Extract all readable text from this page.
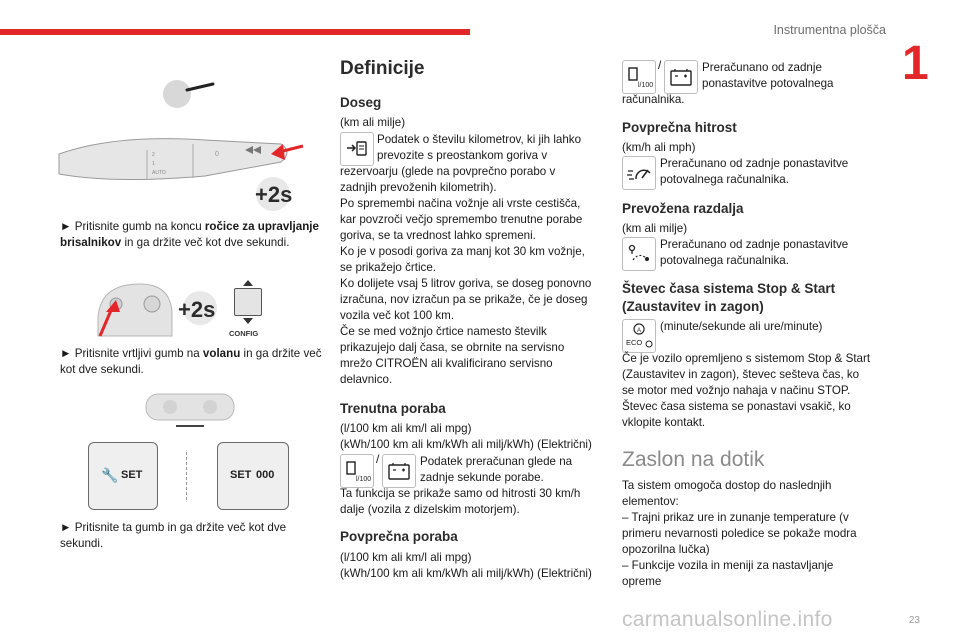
Instrumentna plošča
1
2
1
AUTO
0
+2s
► Pritisnite gumb na koncu ročice za upravljanje brisalnikov in ga držite več kot dve sekundi.
+2s
CONFIG
► Pritisnite vrtljivi gumb na volanu in ga držite več kot dve sekundi.
🔧 SET	SET 000
► Pritisnite ta gumb in ga držite več kot dve sekundi.
Definicije
Doseg
(km ali milje)
Podatek o številu kilometrov, ki jih lahko
prevozite s preostankom goriva v
rezervoarju (glede na povprečno porabo v
zadnjih prevoženih kilometrih).
Po spremembi načina vožnje ali vrste cestišča,
kar povzroči večjo spremembo trenutne porabe
goriva, se ta vrednost lahko spremeni.
Ko je v posodi goriva za manj kot 30 km vožnje,
se prikažejo črtice.
Ko dolijete vsaj 5 litrov goriva, se doseg ponovno
izračuna, nov izračun pa se prikaže, če je doseg
vozila več kot 100 km.
Če se med vožnjo črtice namesto številk
prikazujejo dalj časa, se obrnite na servisno
mrežo CITROËN ali kvalificirano servisno
delavnico.
Trenutna poraba
(l/100 km ali km/l ali mpg)
(kWh/100 km ali km/kWh ali milj/kWh) (Električni)
l/100
/	Podatek preračunan glede na
zadnje sekunde porabe.
Ta funkcija se prikaže samo od hitrosti 30 km/h
dalje (vozila z dizelskim motorjem).
Povprečna poraba
(l/100 km ali km/l ali mpg)
(kWh/100 km ali km/kWh ali milj/kWh) (Električni)
l/100
/	Preračunano od zadnje
ponastavitve potovalnega
računalnika.
Povprečna hitrost
(km/h ali mph)
Preračunano od zadnje ponastavitve
potovalnega računalnika.
Prevožena razdalja
(km ali milje)
Preračunano od zadnje ponastavitve
potovalnega računalnika.
Števec časa sistema Stop & Start
(Zaustavitev in zagon)
A
ECO
(minute/sekunde ali ure/minute)
Če je vozilo opremljeno s sistemom Stop & Start
(Zaustavitev in zagon), števec sešteva čas, ko
se motor med vožnjo nahaja v načinu STOP.
Števec časa sistema se ponastavi vsakič, ko
vklopite kontakt.
Zaslon na dotik
Ta sistem omogoča dostop do naslednjih
elementov:
– Trajni prikaz ure in zunanje temperature (v
primeru nevarnosti poledice se pokaže modra
opozorilna lučka)
– Funkcije vozila in meniji za nastavljanje
opreme
carmanualsonline.info	23
